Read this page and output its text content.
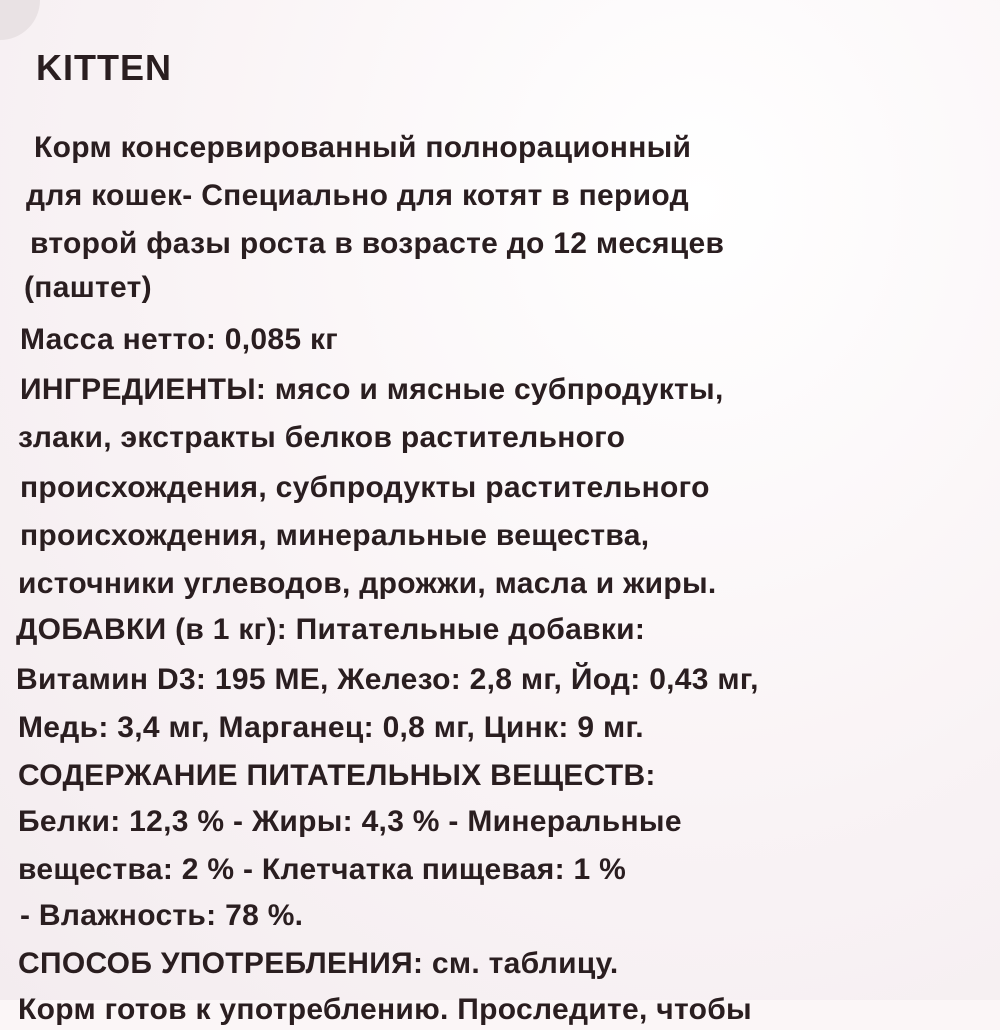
KITTEN
Корм консервированный полнорационный
для кошек- Специально для котят в период
второй фазы роста в возрасте до 12 месяцев
(паштет)
Масса нетто: 0,085 кг
ИНГРЕДИЕНТЫ: мясо и мясные субпродукты,
злаки, экстракты белков растительного
происхождения, субпродукты растительного
происхождения, минеральные вещества,
источники углеводов, дрожжи, масла и жиры.
ДОБАВКИ (в 1 кг): Питательные добавки:
Витамин D3: 195 МЕ, Железо: 2,8 мг, Йод: 0,43 мг,
Медь: 3,4 мг, Марганец: 0,8 мг, Цинк: 9 мг.
СОДЕРЖАНИЕ ПИТАТЕЛЬНЫХ ВЕЩЕСТВ:
Белки: 12,3 % - Жиры: 4,3 % - Минеральные
вещества: 2 % - Клетчатка пищевая: 1 %
- Влажность: 78 %.
СПОСОБ УПОТРЕБЛЕНИЯ: см. таблицу.
Корм готов к употреблению. Проследите, чтобы
